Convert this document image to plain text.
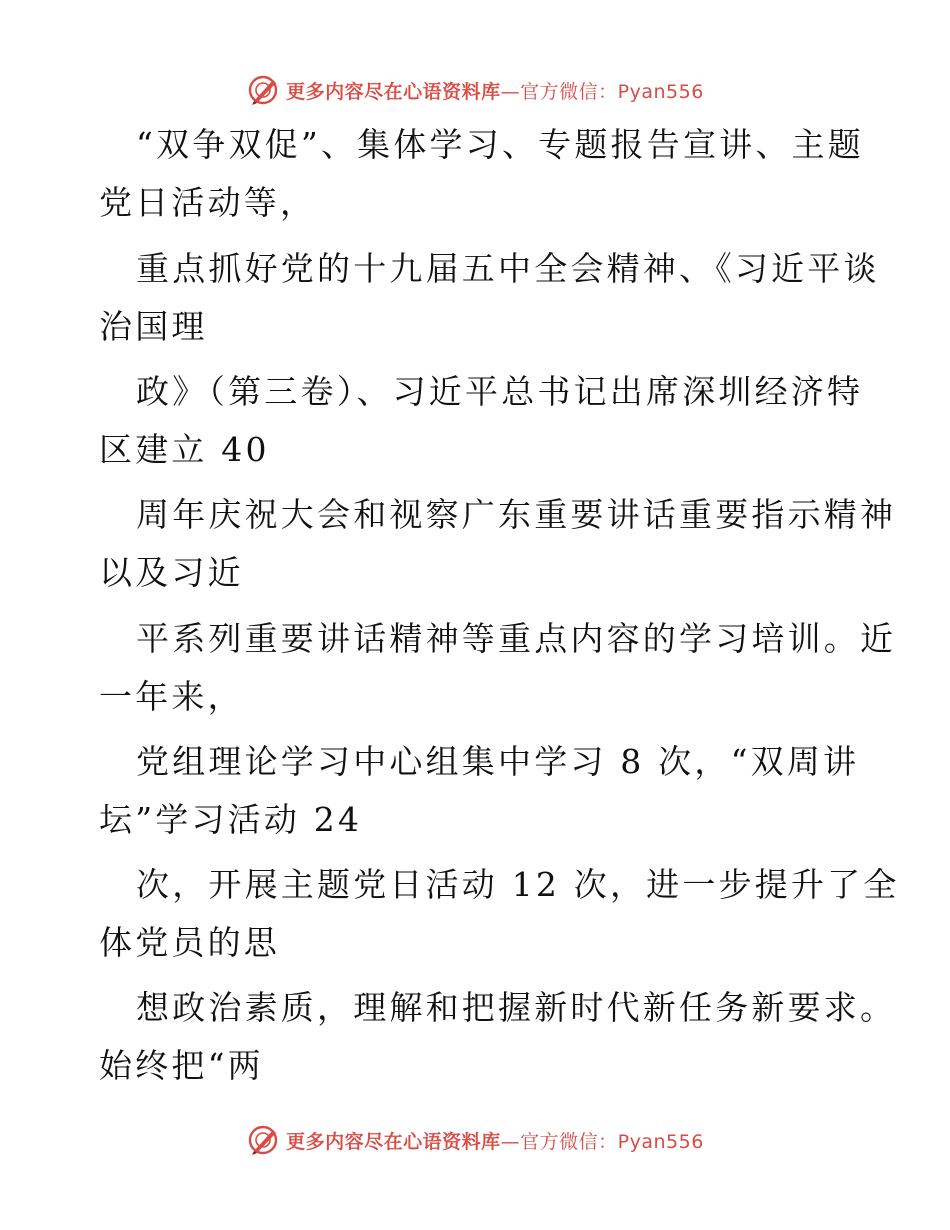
更多内容尽在心语资料库—官方微信：Pyan556
“双争双促”、集体学习、专题报告宣讲、主题
党日活动等，
重点抓好党的十九届五中全会精神、《习近平谈
治国理
政》（第三卷）、习近平总书记出席深圳经济特
区建立 40
周年庆祝大会和视察广东重要讲话重要指示精神
以及习近
平系列重要讲话精神等重点内容的学习培训。近
一年来，
党组理论学习中心组集中学习 8 次，“双周讲
坛”学习活动 24
次，开展主题党日活动 12 次，进一步提升了全
体党员的思
想政治素质，理解和把握新时代新任务新要求。
始终把“两
更多内容尽在心语资料库—官方微信：Pyan556
